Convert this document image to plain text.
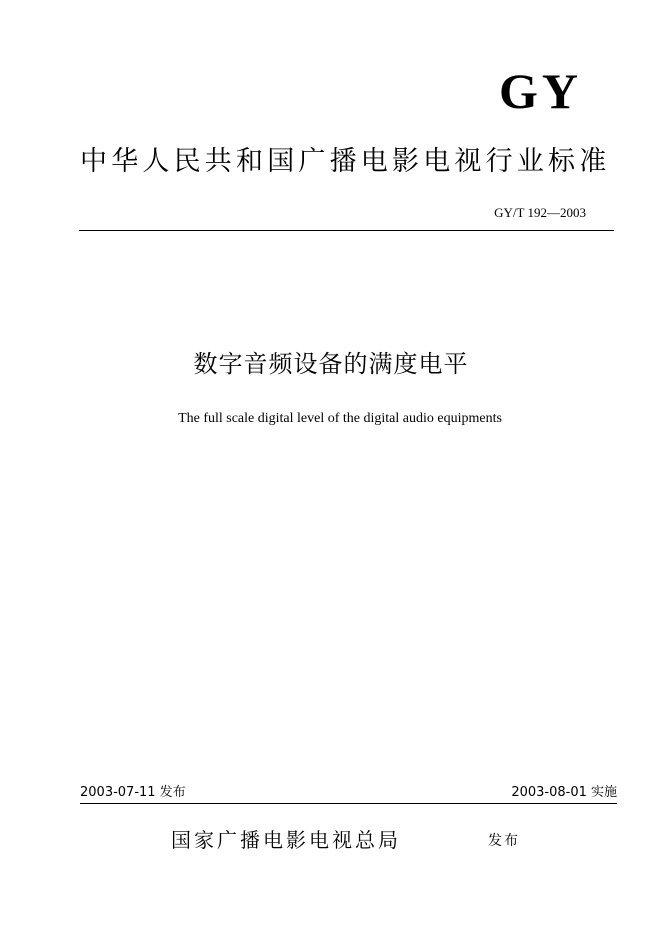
GY
中华人民共和国广播电影电视行业标准
GY/T 192—2003
数字音频设备的满度电平
The full scale digital level of the digital audio equipments
2003-07-11 发布	2003-08-01 实施
国家广播电影电视总局	发布
